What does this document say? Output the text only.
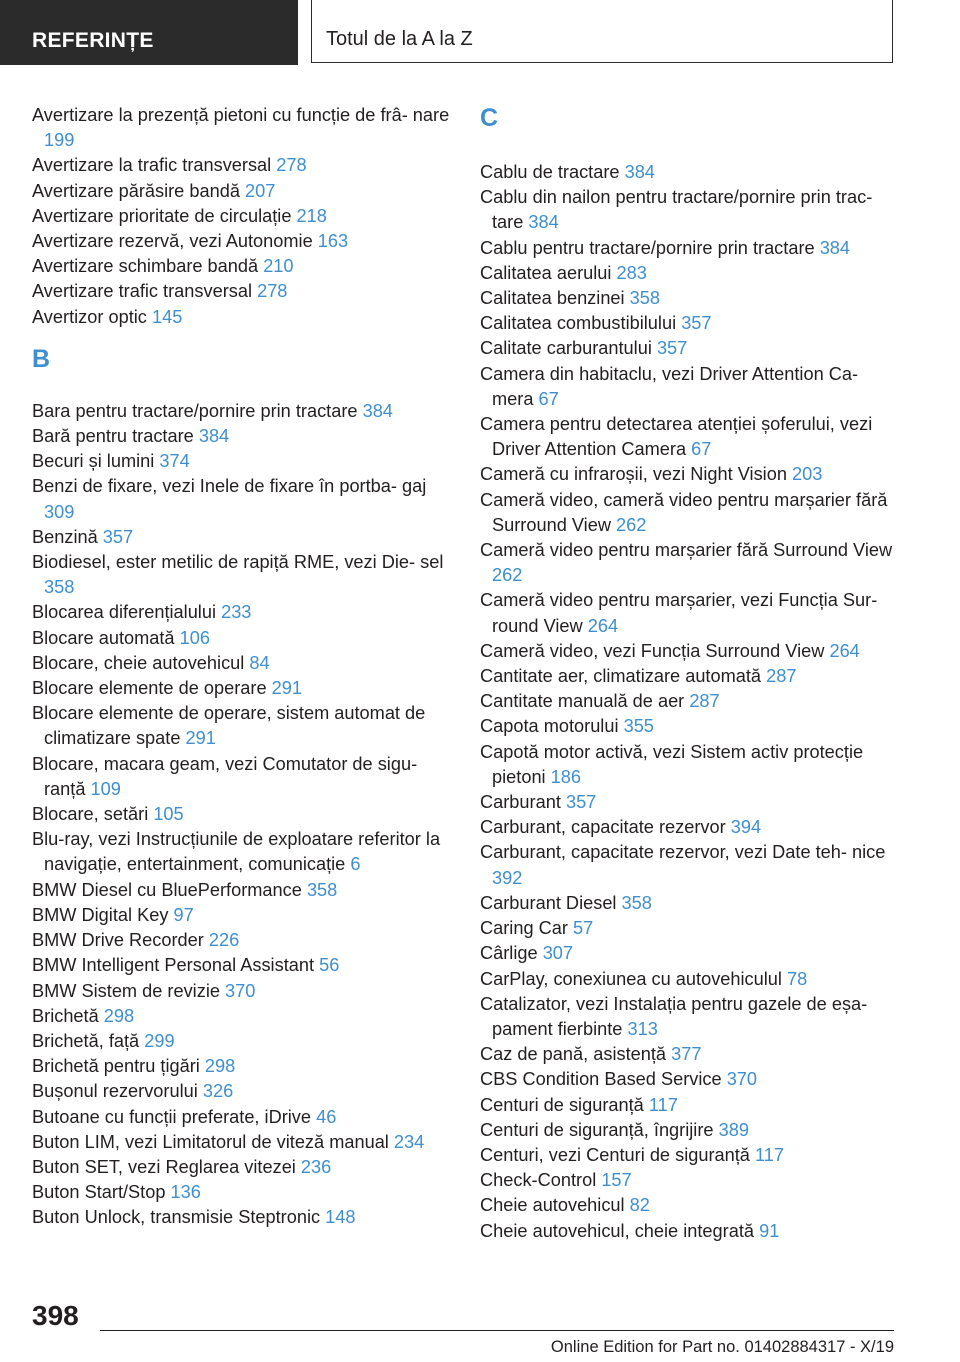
REFERINȚE	Totul de la A la Z
Avertizare la prezență pietoni cu funcție de frâ‐ nare 199
Avertizare la trafic transversal 278
Avertizare părăsire bandă 207
Avertizare prioritate de circulație 218
Avertizare rezervă, vezi Autonomie 163
Avertizare schimbare bandă 210
Avertizare trafic transversal 278
Avertizor optic 145
B
Bara pentru tractare/pornire prin tractare 384
Bară pentru tractare 384
Becuri și lumini 374
Benzi de fixare, vezi Inele de fixare în portba‐ gaj 309
Benzină 357
Biodiesel, ester metilic de rapiță RME, vezi Die‐ sel 358
Blocarea diferențialului 233
Blocare automată 106
Blocare, cheie autovehicul 84
Blocare elemente de operare 291
Blocare elemente de operare, sistem automat de climatizare spate 291
Blocare, macara geam, vezi Comutator de sigu‐ ranță 109
Blocare, setări 105
Blu-ray, vezi Instrucțiunile de exploatare referitor la navigație, entertainment, comunicație 6
BMW Diesel cu BluePerformance 358
BMW Digital Key 97
BMW Drive Recorder 226
BMW Intelligent Personal Assistant 56
BMW Sistem de revizie 370
Brichetă 298
Brichetă, față 299
Brichetă pentru țigări 298
Bușonul rezervorului 326
Butoane cu funcții preferate, iDrive 46
Buton LIM, vezi Limitatorul de viteză manual 234
Buton SET, vezi Reglarea vitezei 236
Buton Start/Stop 136
Buton Unlock, transmisie Steptronic 148
C
Cablu de tractare 384
Cablu din nailon pentru tractare/pornire prin trac‐ tare 384
Cablu pentru tractare/pornire prin tractare 384
Calitatea aerului 283
Calitatea benzinei 358
Calitatea combustibilului 357
Calitate carburantului 357
Camera din habitaclu, vezi Driver Attention Ca‐ mera 67
Camera pentru detectarea atenției șoferului, vezi Driver Attention Camera 67
Cameră cu infraroșii, vezi Night Vision 203
Cameră video, cameră video pentru marșarier fără Surround View 262
Cameră video pentru marșarier fără Surround View 262
Cameră video pentru marșarier, vezi Funcția Sur‐ round View 264
Cameră video, vezi Funcția Surround View 264
Cantitate aer, climatizare automată 287
Cantitate manuală de aer 287
Capota motorului 355
Capotă motor activă, vezi Sistem activ protecție pietoni 186
Carburant 357
Carburant, capacitate rezervor 394
Carburant, capacitate rezervor, vezi Date teh‐ nice 392
Carburant Diesel 358
Caring Car 57
Cârlige 307
CarPlay, conexiunea cu autovehiculul 78
Catalizator, vezi Instalația pentru gazele de eșa‐ pament fierbinte 313
Caz de pană, asistență 377
CBS Condition Based Service 370
Centuri de siguranță 117
Centuri de siguranță, îngrijire 389
Centuri, vezi Centuri de siguranță 117
Check-Control 157
Cheie autovehicul 82
Cheie autovehicul, cheie integrată 91
398
Online Edition for Part no. 01402884317 - X/19
